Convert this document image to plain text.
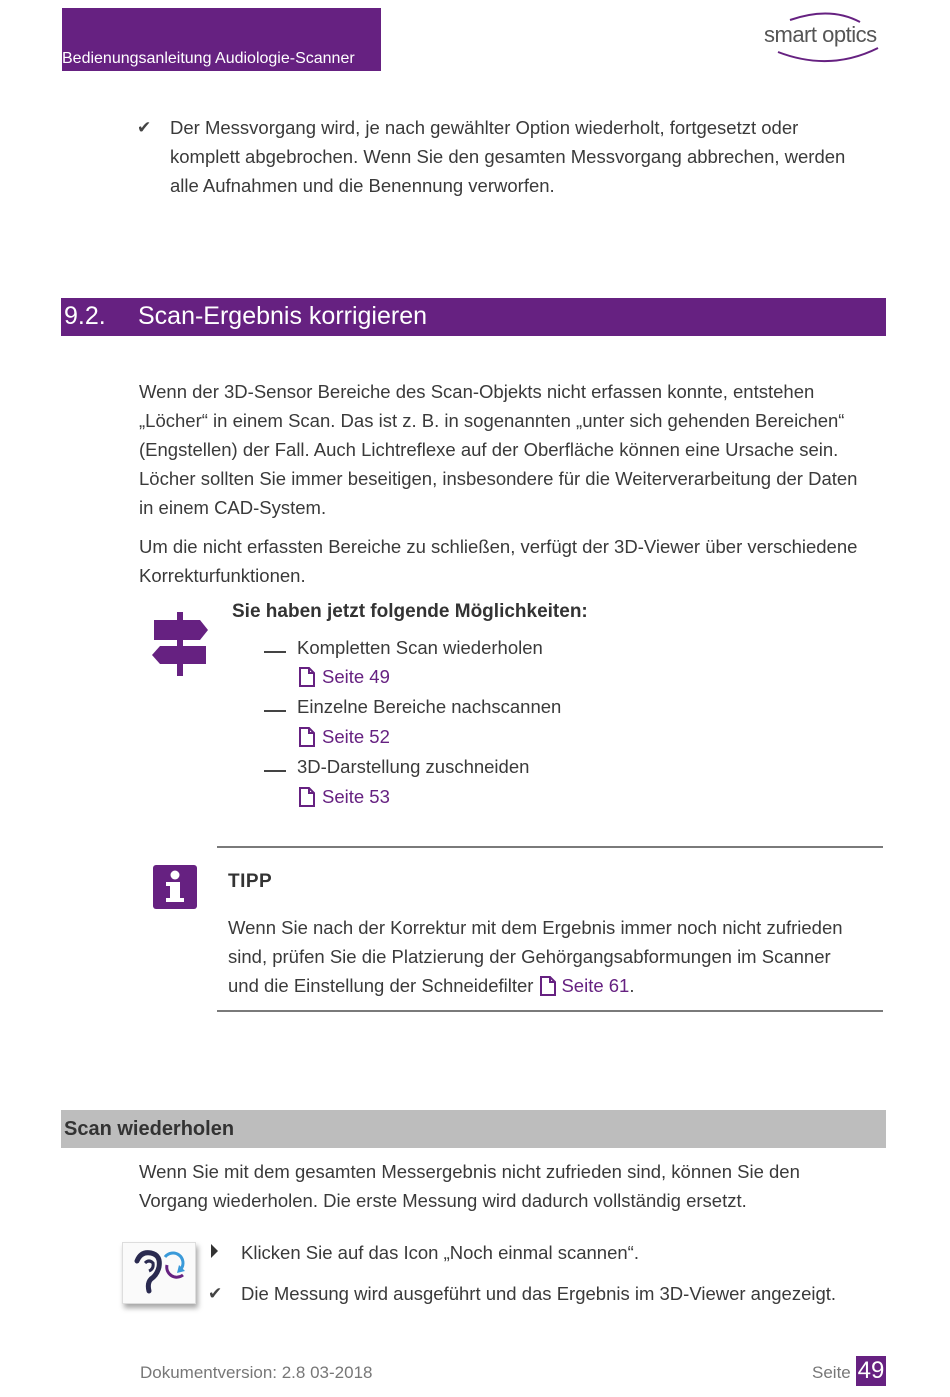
Bedienungsanleitung Audiologie-Scanner
smart optics
✔ Der Messvorgang wird, je nach gewählter Option wiederholt, fortgesetzt oder
komplett abgebrochen. Wenn Sie den gesamten Messvorgang abbrechen, werden
alle Aufnahmen und die Benennung verworfen.
9.2. Scan-Ergebnis korrigieren
Wenn der 3D-Sensor Bereiche des Scan-Objekts nicht erfassen konnte, entstehen
„Löcher“ in einem Scan. Das ist z. B. in sogenannten „unter sich gehenden Bereichen“
(Engstellen) der Fall. Auch Lichtreflexe auf der Oberfläche können eine Ursache sein.
Löcher sollten Sie immer beseitigen, insbesondere für die Weiterverarbeitung der Daten
in einem CAD-System.
Um die nicht erfassten Bereiche zu schließen, verfügt der 3D-Viewer über verschiedene
Korrekturfunktionen.
Sie haben jetzt folgende Möglichkeiten:
Kompletten Scan wiederholen
Seite 49
Einzelne Bereiche nachscannen
Seite 52
3D-Darstellung zuschneiden
Seite 53
TIPP
Wenn Sie nach der Korrektur mit dem Ergebnis immer noch nicht zufrieden
sind, prüfen Sie die Platzierung der Gehörgangsabformungen im Scanner
und die Einstellung der Schneidefilter Seite 61.
Scan wiederholen
Wenn Sie mit dem gesamten Messergebnis nicht zufrieden sind, können Sie den
Vorgang wiederholen. Die erste Messung wird dadurch vollständig ersetzt.
Klicken Sie auf das Icon „Noch einmal scannen“.
✔ Die Messung wird ausgeführt und das Ergebnis im 3D-Viewer angezeigt.
Dokumentversion: 2.8 03-2018	Seite 49
